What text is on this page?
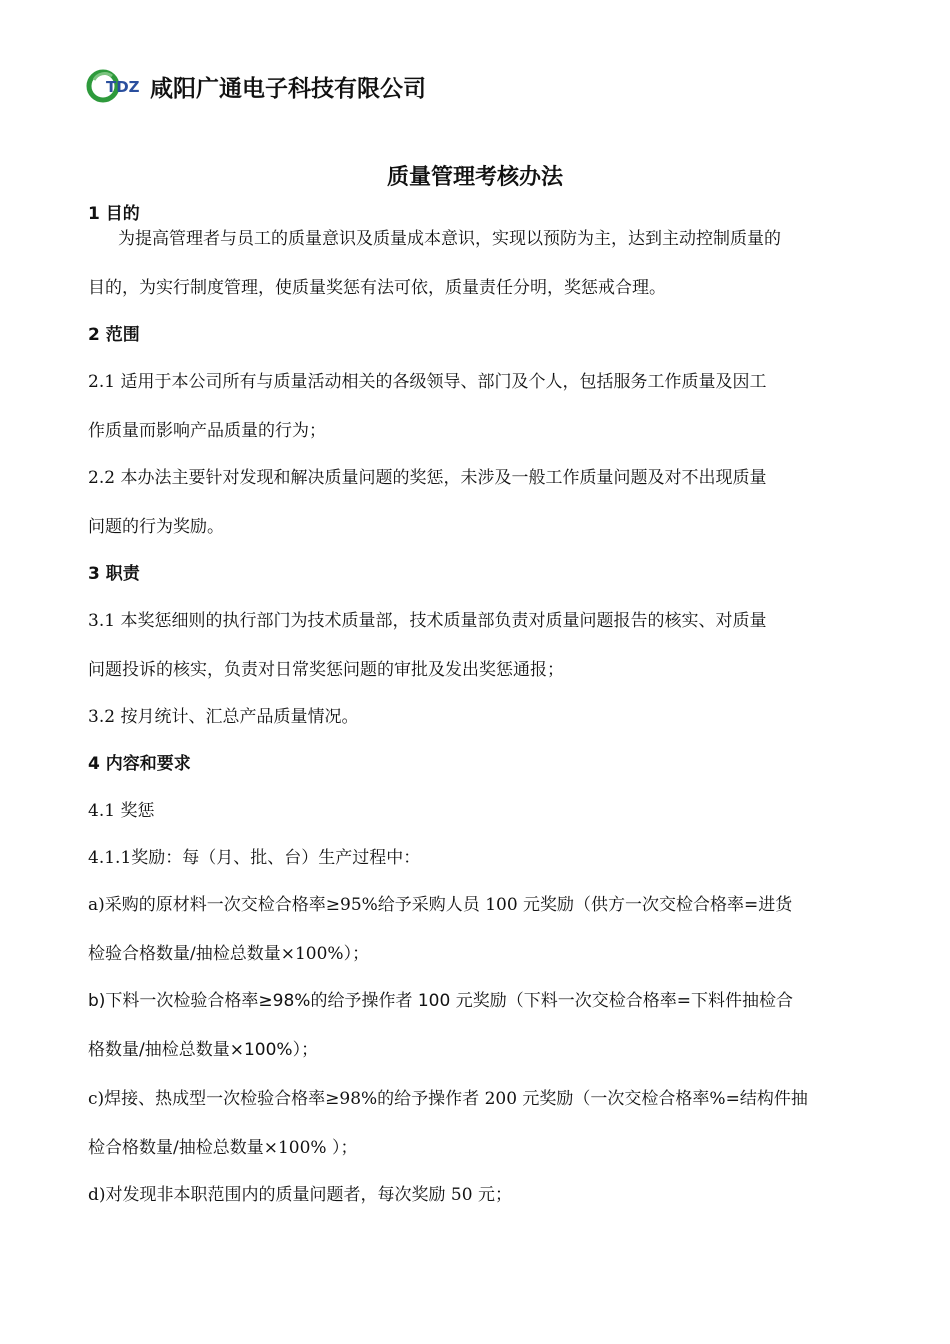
TDZ 咸阳广通电子科技有限公司
质量管理考核办法
1 目的
为提高管理者与员工的质量意识及质量成本意识，实现以预防为主，达到主动控制质量的
目的，为实行制度管理，使质量奖惩有法可依，质量责任分明，奖惩戒合理。
2 范围
2.1 适用于本公司所有与质量活动相关的各级领导、部门及个人，包括服务工作质量及因工
作质量而影响产品质量的行为；
2.2 本办法主要针对发现和解决质量问题的奖惩，未涉及一般工作质量问题及对不出现质量
问题的行为奖励。
3 职责
3.1 本奖惩细则的执行部门为技术质量部，技术质量部负责对质量问题报告的核实、对质量
问题投诉的核实，负责对日常奖惩问题的审批及发出奖惩通报；
3.2 按月统计、汇总产品质量情况。
4 内容和要求
4.1 奖惩
4.1.1奖励：每（月、批、台）生产过程中：
a)采购的原材料一次交检合格率≥95%给予采购人员 100 元奖励（供方一次交检合格率=进货
检验合格数量/抽检总数量×100%）；
b)下料一次检验合格率≥98%的给予操作者 100 元奖励（下料一次交检合格率=下料件抽检合
格数量/抽检总数量×100%）；
c)焊接、热成型一次检验合格率≥98%的给予操作者 200 元奖励（一次交检合格率%=结构件抽
检合格数量/抽检总数量×100% ）；
d)对发现非本职范围内的质量问题者，每次奖励 50 元；
